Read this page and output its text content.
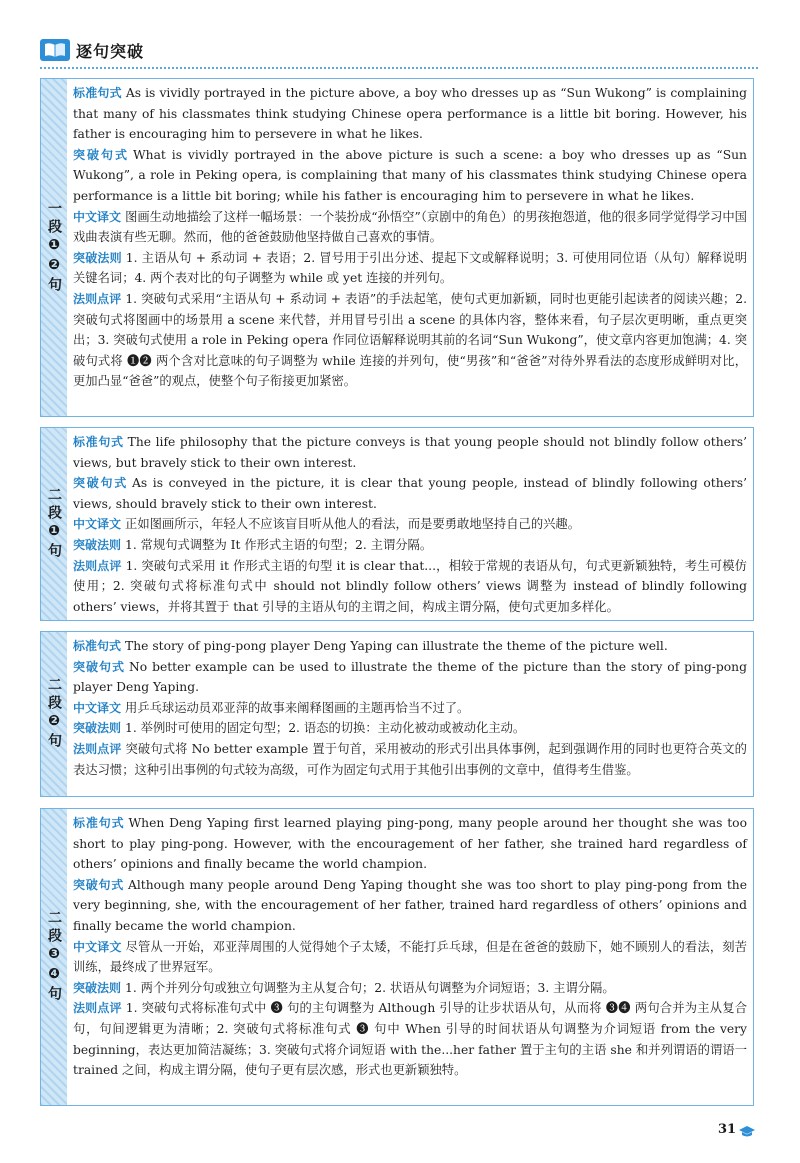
逐句突破
一段❶❷句

标准句式 As is vividly portrayed in the picture above, a boy who dresses up as “Sun Wukong” is complaining that many of his classmates think studying Chinese opera performance is a little bit boring. However, his father is encouraging him to persevere in what he likes.

突破句式 What is vividly portrayed in the above picture is such a scene: a boy who dresses up as “Sun Wukong”, a role in Peking opera, is complaining that many of his classmates think studying Chinese opera performance is a little bit boring; while his father is encouraging him to persevere in what he likes.

中文译文 图画生动地描绘了这样一幅场景：一个装扮成“孙悟空”（京剧中的角色）的男孩抱怨道，他的很多同学觉得学习中国戏曲表演有些无聊。然而，他的爸爸鼓励他坚持做自己喜欢的事情。

突破法则 1. 主语从句 + 系动词 + 表语；2. 冒号用于引出分述、提起下文或解释说明；3. 可使用同位语（从句）解释说明关键名词；4. 两个表对比的句子调整为 while 或 yet 连接的并列句。

法则点评 1. 突破句式采用“主语从句 + 系动词 + 表语”的手法起笔，使句式更加新颖，同时也更能引起读者的阅读兴趣；2. 突破句式将图画中的场景用 a scene 来代替，并用冒号引出 a scene 的具体内容，整体来看，句子层次更明晰，重点更突出；3. 突破句式使用 a role in Peking opera 作同位语解释说明其前的名词“Sun Wukong”，使文章内容更加饱满；4. 突破句式将 ❶❷ 两个含对比意味的句子调整为 while 连接的并列句，使“男孩”和“爸爸”对待外界看法的态度形成鲜明对比，更加凸显“爸爸”的观点，使整个句子衔接更加紧密。

二段❶句

标准句式 The life philosophy that the picture conveys is that young people should not blindly follow others’ views, but bravely stick to their own interest.

突破句式 As is conveyed in the picture, it is clear that young people, instead of blindly following others’ views, should bravely stick to their own interest.

中文译文 正如图画所示，年轻人不应该盲目听从他人的看法，而是要勇敢地坚持自己的兴趣。

突破法则 1. 常规句式调整为 It 作形式主语的句型；2. 主谓分隔。

法则点评 1. 突破句式采用 it 作形式主语的句型 it is clear that...，相较于常规的表语从句，句式更新颖独特，考生可模仿使用；2. 突破句式将标准句式中 should not blindly follow others’ views 调整为 instead of blindly following others’ views，并将其置于 that 引导的主语从句的主谓之间，构成主谓分隔，使句式更加多样化。

二段❷句

标准句式 The story of ping-pong player Deng Yaping can illustrate the theme of the picture well.

突破句式 No better example can be used to illustrate the theme of the picture than the story of ping-pong player Deng Yaping.

中文译文 用乒乓球运动员邓亚萍的故事来阐释图画的主题再恰当不过了。

突破法则 1. 举例时可使用的固定句型；2. 语态的切换：主动化被动或被动化主动。

法则点评 突破句式将 No better example 置于句首，采用被动的形式引出具体事例，起到强调作用的同时也更符合英文的表达习惯；这种引出事例的句式较为高级，可作为固定句式用于其他引出事例的文章中，值得考生借鉴。

二段❸❹句

标准句式 When Deng Yaping first learned playing ping-pong, many people around her thought she was too short to play ping-pong. However, with the encouragement of her father, she trained hard regardless of others’ opinions and finally became the world champion.

突破句式 Although many people around Deng Yaping thought she was too short to play ping-pong from the very beginning, she, with the encouragement of her father, trained hard regardless of others’ opinions and finally became the world champion.

中文译文 尽管从一开始，邓亚萍周围的人觉得她个子太矮，不能打乒乓球，但是在爸爸的鼓励下，她不顾别人的看法，刻苦训练，最终成了世界冠军。

突破法则 1. 两个并列分句或独立句调整为主从复合句；2. 状语从句调整为介词短语；3. 主谓分隔。

法则点评 1. 突破句式将标准句式中 ❸ 句的主句调整为 Although 引导的让步状语从句，从而将 ❸❹ 两句合并为主从复合句，句间逻辑更为清晰；2. 突破句式将标准句式 ❸ 句中 When 引导的时间状语从句调整为介词短语 from the very beginning，表达更加简洁凝练；3. 突破句式将介词短语 with the...her father 置于主句的主语 she 和并列谓语的谓语一 trained 之间，构成主谓分隔，使句子更有层次感，形式也更新颖独特。

31
